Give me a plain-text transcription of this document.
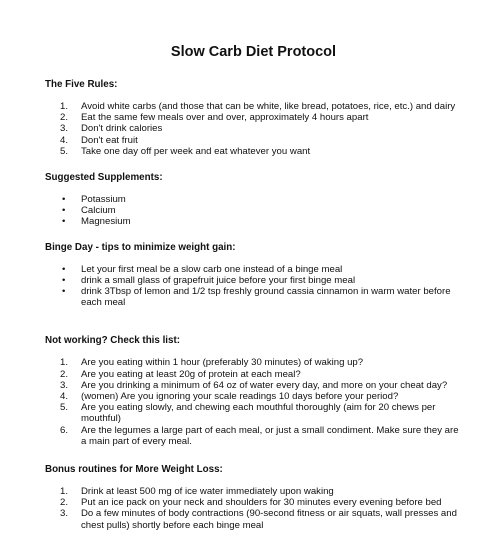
Slow Carb Diet Protocol
The Five Rules:
1. Avoid white carbs (and those that can be white, like bread, potatoes, rice, etc.) and dairy
2. Eat the same few meals over and over, approximately 4 hours apart
3. Don't drink calories
4. Don't eat fruit
5. Take one day off per week and eat whatever you want
Suggested Supplements:
• Potassium
• Calcium
• Magnesium
Binge Day - tips to minimize weight gain:
• Let your first meal be a slow carb one instead of a binge meal
• drink a small glass of grapefruit juice before your first binge meal
• drink 3Tbsp of lemon and 1/2 tsp freshly ground cassia cinnamon in warm water before each meal
Not working? Check this list:
1. Are you eating within 1 hour (preferably 30 minutes) of waking up?
2. Are you eating at least 20g of protein at each meal?
3. Are you drinking a minimum of 64 oz of water every day, and more on your cheat day?
4. (women) Are you ignoring your scale readings 10 days before your period?
5. Are you eating slowly, and chewing each mouthful thoroughly (aim for 20 chews per mouthful)
6. Are the legumes a large part of each meal, or just a small condiment. Make sure they are a main part of every meal.
Bonus routines for More Weight Loss:
1. Drink at least 500 mg of ice water immediately upon waking
2. Put an ice pack on your neck and shoulders for 30 minutes every evening before bed
3. Do a few minutes of body contractions (90-second fitness or air squats, wall presses and chest pulls) shortly before each binge meal
